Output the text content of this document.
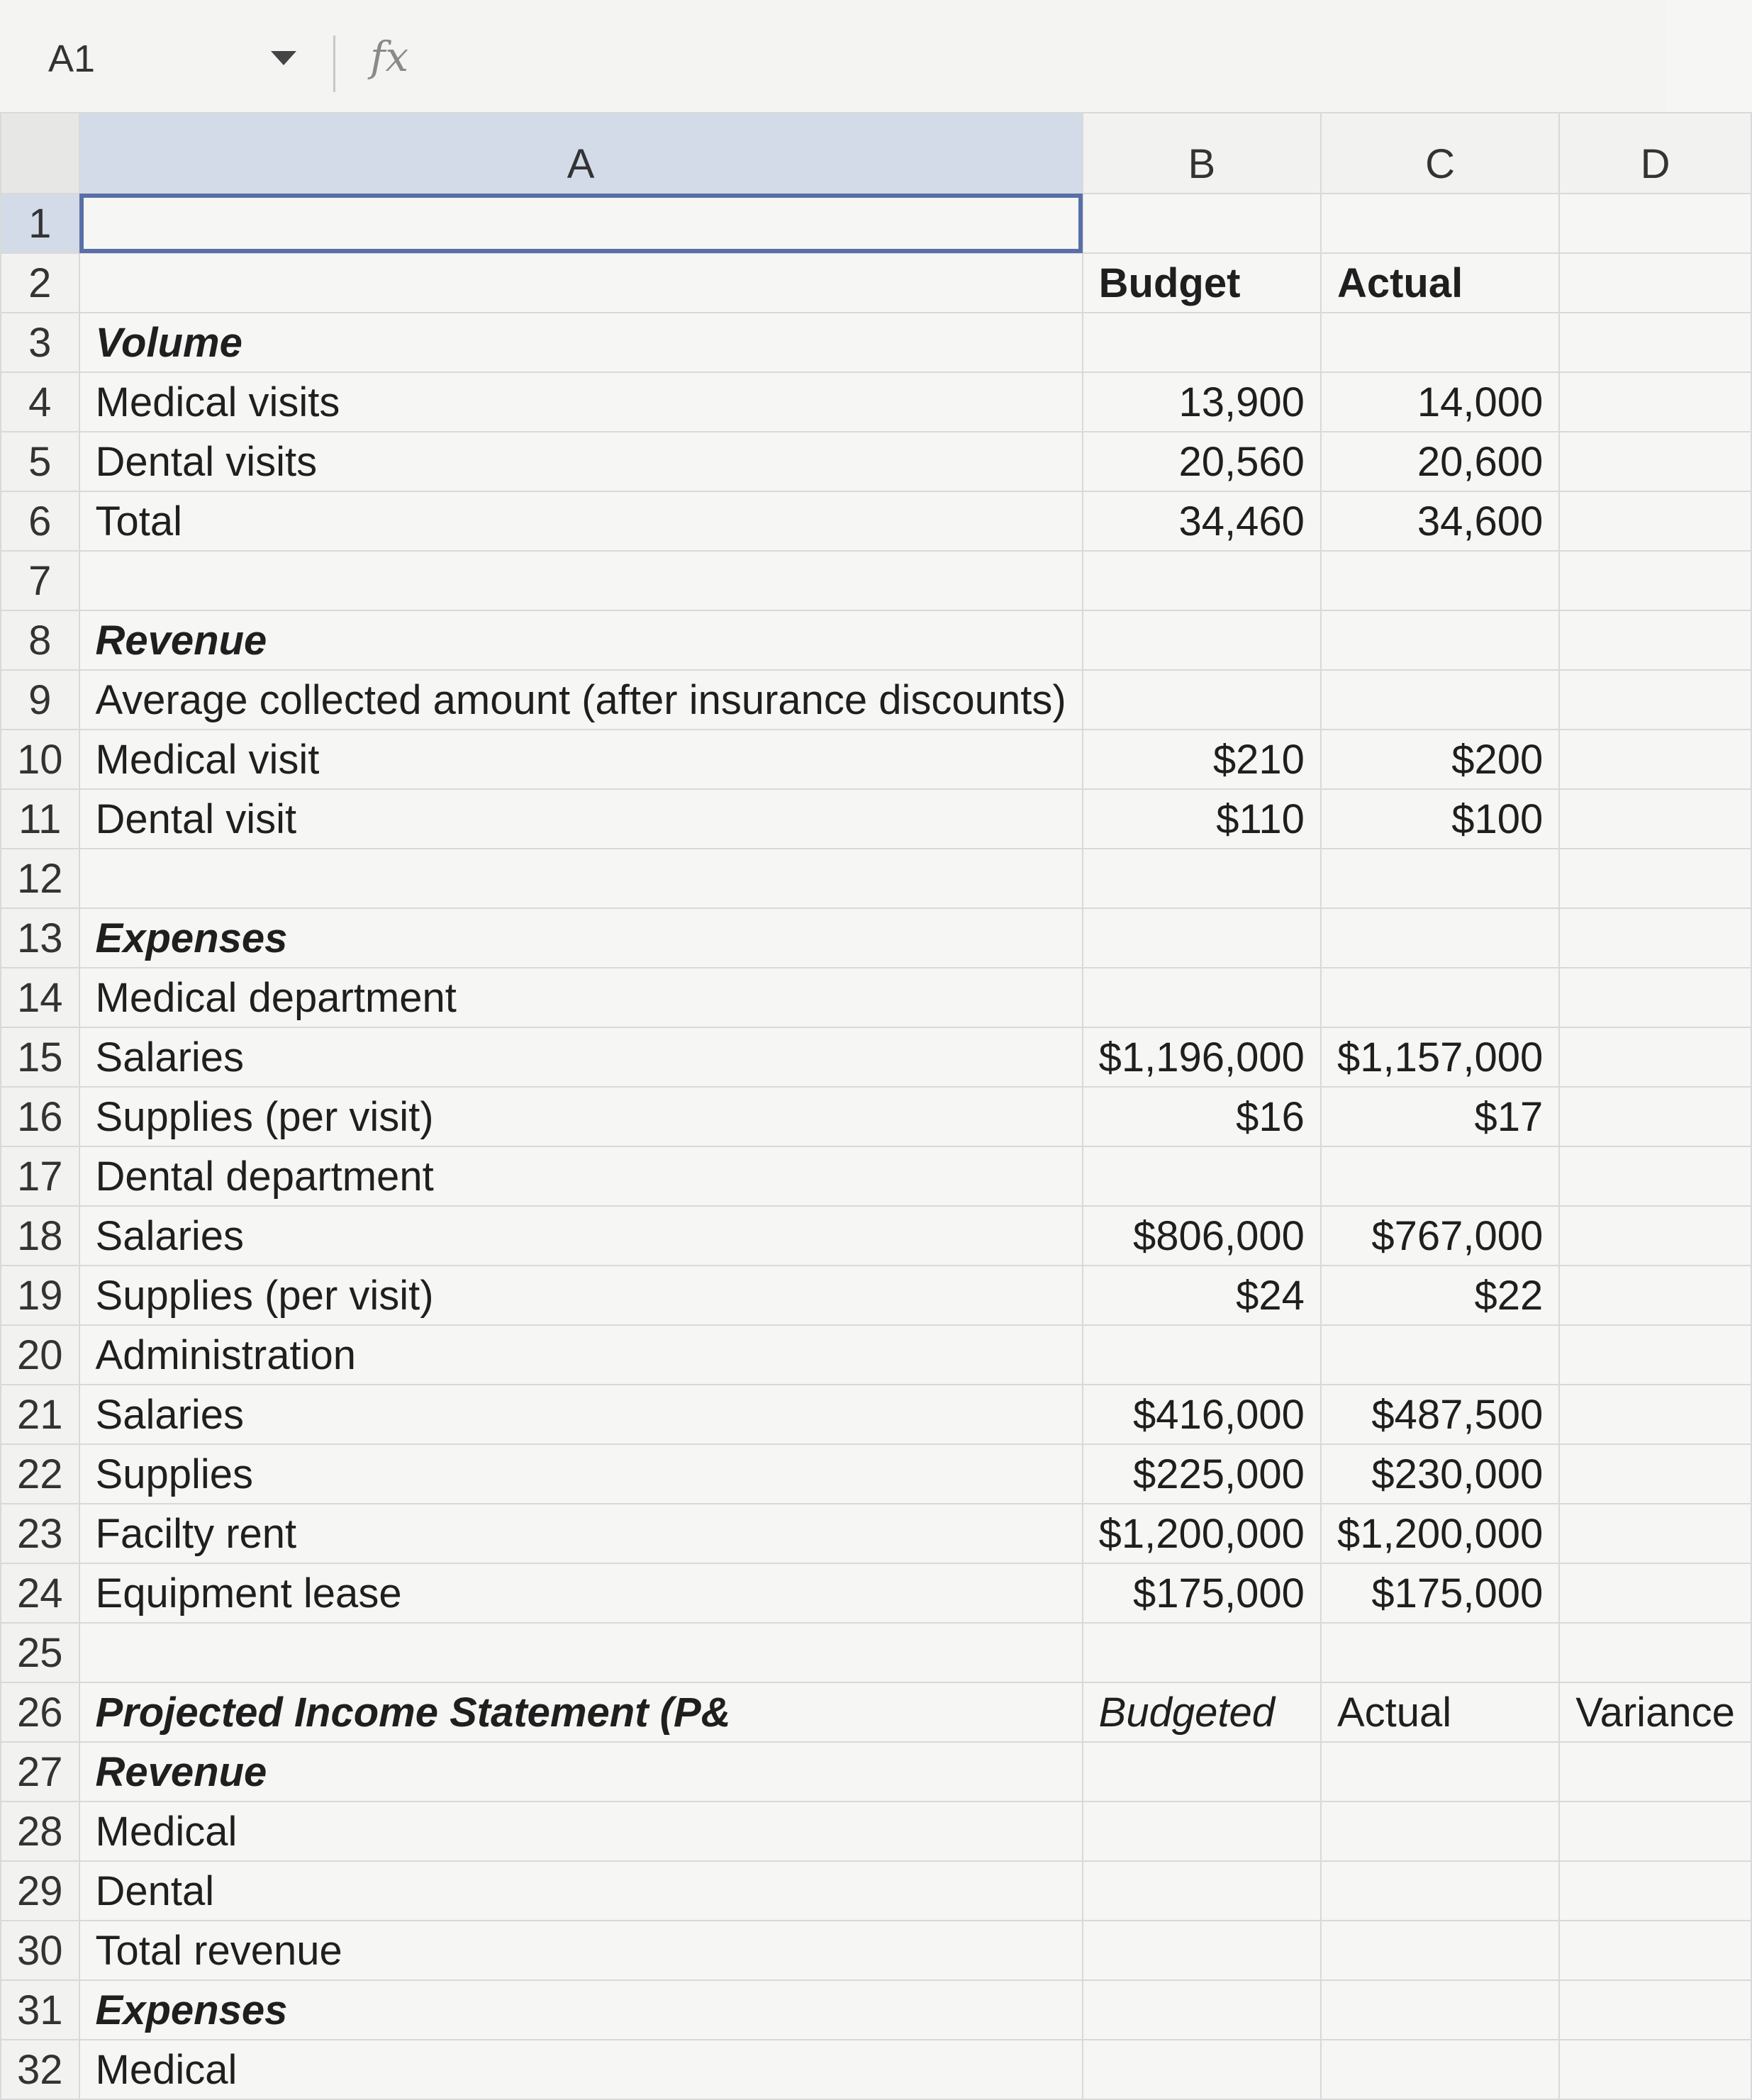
A1	fx
	A	B	C	D
1				
2		Budget	Actual	
3	Volume			
4	Medical visits	13,900	14,000	
5	Dental visits	20,560	20,600	
6	Total	34,460	34,600	
7				
8	Revenue			
9	Average collected amount (after insurance discounts)			
10	Medical visit	$210	$200	
11	Dental visit	$110	$100	
12				
13	Expenses			
14	Medical department			
15	Salaries	$1,196,000	$1,157,000	
16	Supplies (per visit)	$16	$17	
17	Dental department			
18	Salaries	$806,000	$767,000	
19	Supplies (per visit)	$24	$22	
20	Administration			
21	Salaries	$416,000	$487,500	
22	Supplies	$225,000	$230,000	
23	Facilty rent	$1,200,000	$1,200,000	
24	Equipment lease	$175,000	$175,000	
25				
26	Projected Income Statement (P&	Budgeted	Actual	Variance
27	Revenue			
28	Medical			
29	Dental			
30	Total revenue			
31	Expenses			
32	Medical			
